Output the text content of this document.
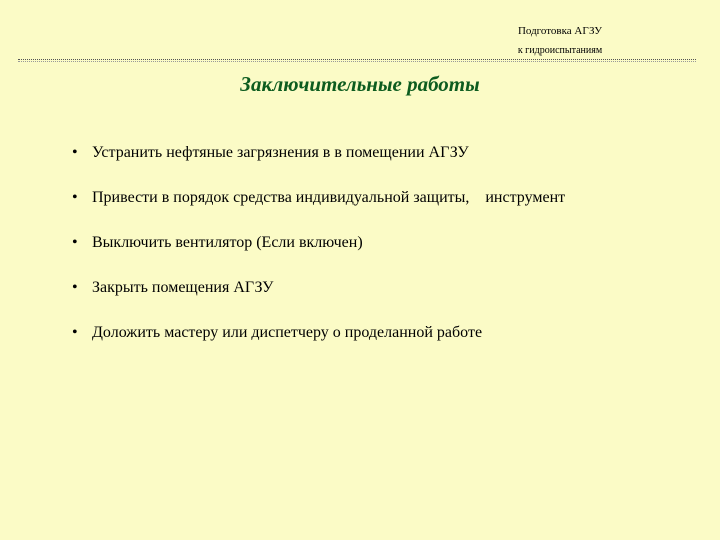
Подготовка АГЗУ
к гидроиспытаниям
Заключительные работы
• Устранить нефтяные загрязнения в в помещении АГЗУ
• Привести в порядок средства индивидуальной защиты,    инструмент
• Выключить вентилятор (Если включен)
• Закрыть помещения АГЗУ
• Доложить мастеру или диспетчеру о проделанной работе
